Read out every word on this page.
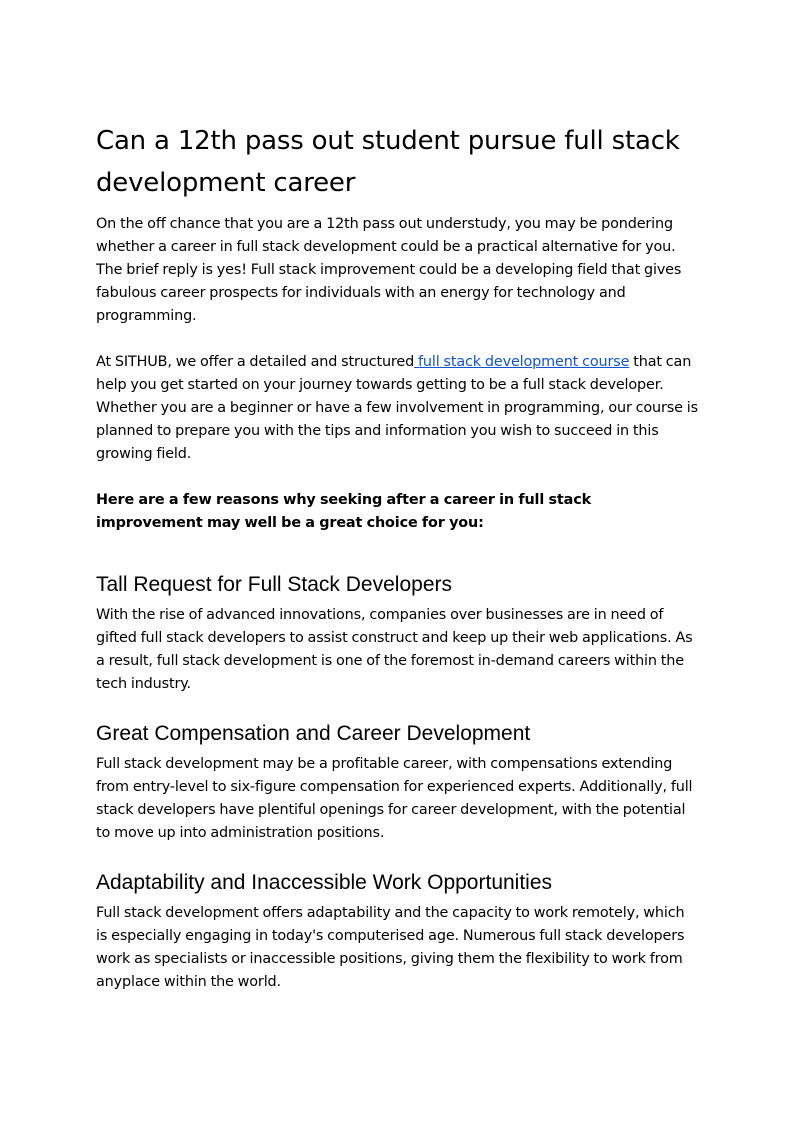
Can a 12th pass out student pursue full stack development career

On the off chance that you are a 12th pass out understudy, you may be pondering whether a career in full stack development could be a practical alternative for you. The brief reply is yes! Full stack improvement could be a developing field that gives fabulous career prospects for individuals with an energy for technology and programming.

At SITHUB, we offer a detailed and structured full stack development course that can help you get started on your journey towards getting to be a full stack developer. Whether you are a beginner or have a few involvement in programming, our course is planned to prepare you with the tips and information you wish to succeed in this growing field.

Here are a few reasons why seeking after a career in full stack improvement may well be a great choice for you:

Tall Request for Full Stack Developers

With the rise of advanced innovations, companies over businesses are in need of gifted full stack developers to assist construct and keep up their web applications. As a result, full stack development is one of the foremost in-demand careers within the tech industry.

Great Compensation and Career Development

Full stack development may be a profitable career, with compensations extending from entry-level to six-figure compensation for experienced experts. Additionally, full stack developers have plentiful openings for career development, with the potential to move up into administration positions.

Adaptability and Inaccessible Work Opportunities

Full stack development offers adaptability and the capacity to work remotely, which is especially engaging in today's computerised age. Numerous full stack developers work as specialists or inaccessible positions, giving them the flexibility to work from anyplace within the world.
